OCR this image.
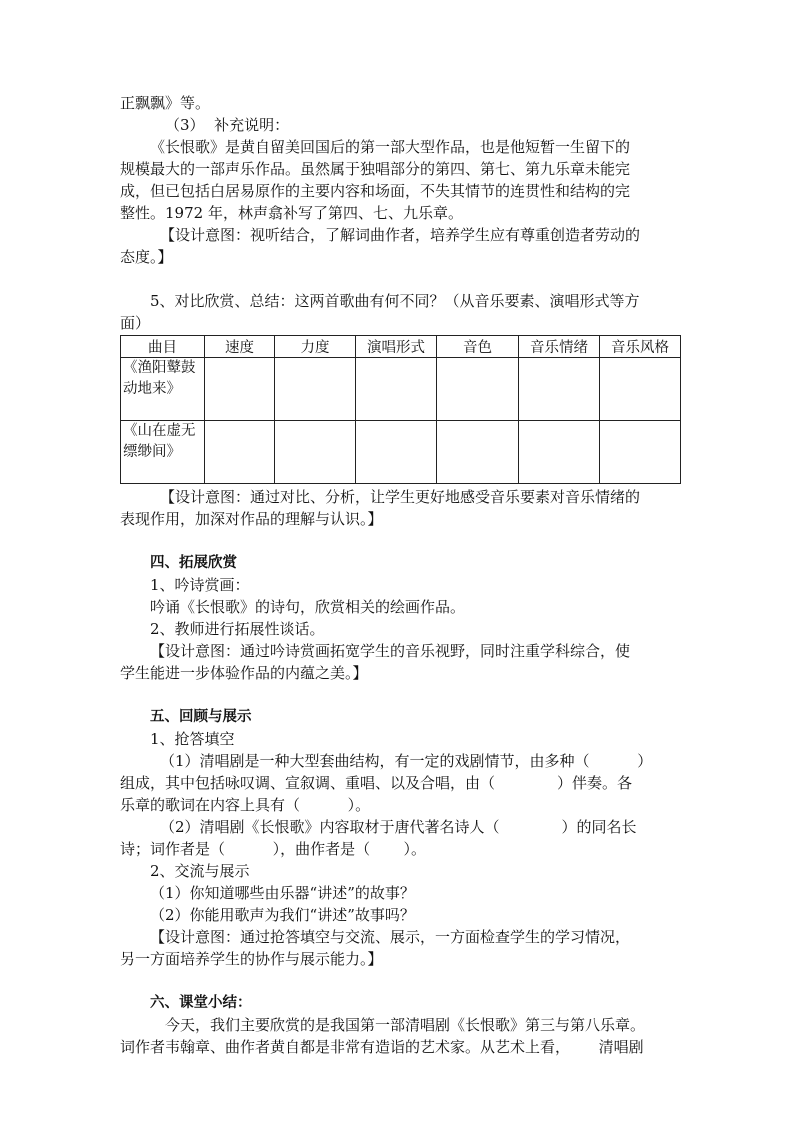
正飘飘》等。

（3）  补充说明：

《长恨歌》是黄自留美回国后的第一部大型作品，也是他短暂一生留下的

规模最大的一部声乐作品。虽然属于独唱部分的第四、第七、第九乐章未能完

成，但已包括白居易原作的主要内容和场面，不失其情节的连贯性和结构的完

整性。1972 年，林声翕补写了第四、七、九乐章。

【设计意图：视听结合，了解词曲作者，培养学生应有尊重创造者劳动的

态度。】

5、对比欣赏、总结：这两首歌曲有何不同？（从音乐要素、演唱形式等方

面）

曲目	速度	力度	演唱形式	音色	音乐情绪	音乐风格
《渔阳鼙鼓动地来》						
《山在虚无缥缈间》						

【设计意图：通过对比、分析，让学生更好地感受音乐要素对音乐情绪的

表现作用，加深对作品的理解与认识。】

四、拓展欣赏

1、吟诗赏画：

吟诵《长恨歌》的诗句，欣赏相关的绘画作品。

2、教师进行拓展性谈话。

【设计意图：通过吟诗赏画拓宽学生的音乐视野，同时注重学科综合，使

学生能进一步体验作品的内蕴之美。】

五、回顾与展示

1、抢答填空

（1）清唱剧是一种大型套曲结构，有一定的戏剧情节，由多种（          ）

组成，其中包括咏叹调、宣叙调、重唱、以及合唱，由（             ）伴奏。各

乐章的歌词在内容上具有（          ）。

（2）清唱剧《长恨歌》内容取材于唐代著名诗人（             ）的同名长

诗；词作者是（          ），曲作者是（       ）。

2、交流与展示

（1）你知道哪些由乐器“讲述”的故事？

（2）你能用歌声为我们“讲述”故事吗？

【设计意图：通过抢答填空与交流、展示，一方面检查学生的学习情况，

另一方面培养学生的协作与展示能力。】

六、课堂小结：

今天，我们主要欣赏的是我国第一部清唱剧《长恨歌》第三与第八乐章。

词作者韦翰章、曲作者黄自都是非常有造诣的艺术家。从艺术上看，      清唱剧
